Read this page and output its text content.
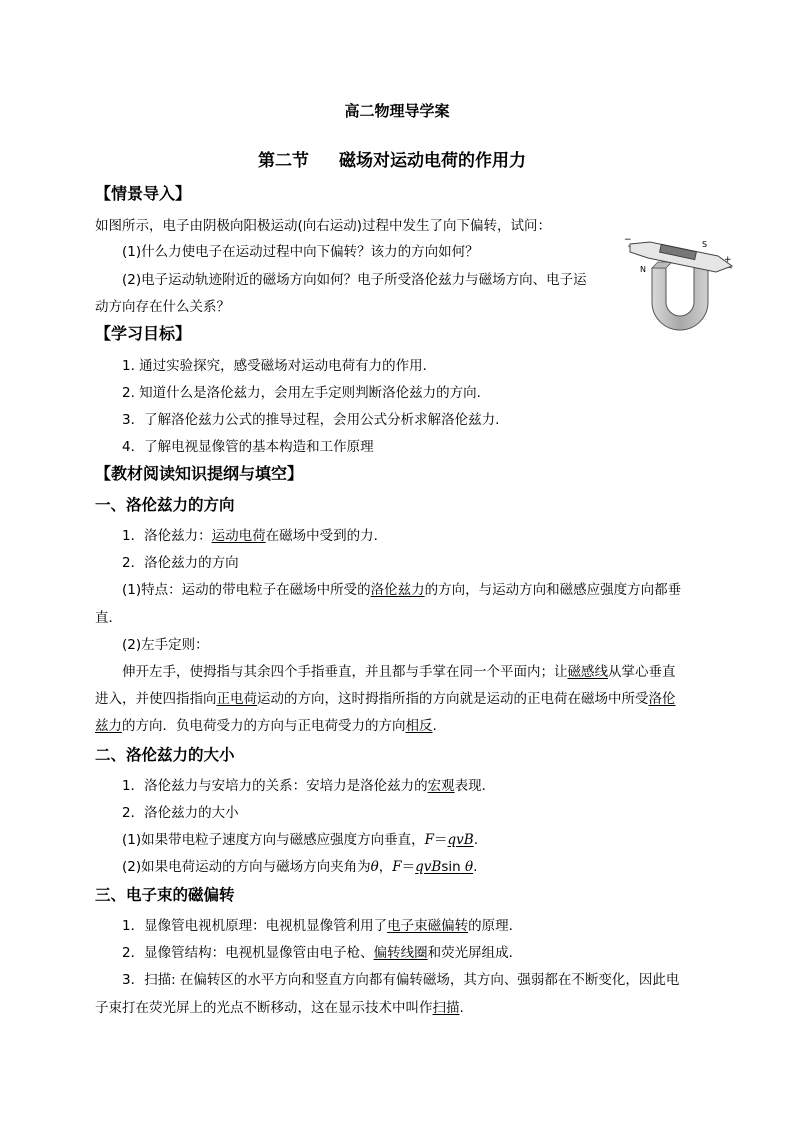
高二物理导学案
第二节 磁场对运动电荷的作用力
【情景导入】
如图所示，电子由阴极向阳极运动(向右运动)过程中发生了向下偏转，试问：
(1)什么力使电子在运动过程中向下偏转？该力的方向如何？
(2)电子运动轨迹附近的磁场方向如何？电子所受洛伦兹力与磁场方向、电子运
动方向存在什么关系？
−
+
S
N
【学习目标】
1. 通过实验探究，感受磁场对运动电荷有力的作用.
2. 知道什么是洛伦兹力，会用左手定则判断洛伦兹力的方向.
3．了解洛伦兹力公式的推导过程，会用公式分析求解洛伦兹力.
4．了解电视显像管的基本构造和工作原理
【教材阅读知识提纲与填空】
一、洛伦兹力的方向
1．洛伦兹力：运动电荷在磁场中受到的力．
2．洛伦兹力的方向
(1)特点：运动的带电粒子在磁场中所受的洛伦兹力的方向，与运动方向和磁感应强度方向都垂
直．
(2)左手定则：
伸开左手，使拇指与其余四个手指垂直，并且都与手掌在同一个平面内；让磁感线从掌心垂直
进入，并使四指指向正电荷运动的方向，这时拇指所指的方向就是运动的正电荷在磁场中所受洛伦
兹力的方向．负电荷受力的方向与正电荷受力的方向相反.
二、洛伦兹力的大小
1．洛伦兹力与安培力的关系：安培力是洛伦兹力的宏观表现．
2．洛伦兹力的大小
(1)如果带电粒子速度方向与磁感应强度方向垂直，F＝qvB.
(2)如果电荷运动的方向与磁场方向夹角为θ，F＝qvBsin θ.
三、电子束的磁偏转
1．显像管电视机原理：电视机显像管利用了电子束磁偏转的原理．
2．显像管结构：电视机显像管由电子枪、偏转线圈和荧光屏组成．
3．扫描: 在偏转区的水平方向和竖直方向都有偏转磁场，其方向、强弱都在不断变化，因此电
子束打在荧光屏上的光点不断移动，这在显示技术中叫作扫描.
